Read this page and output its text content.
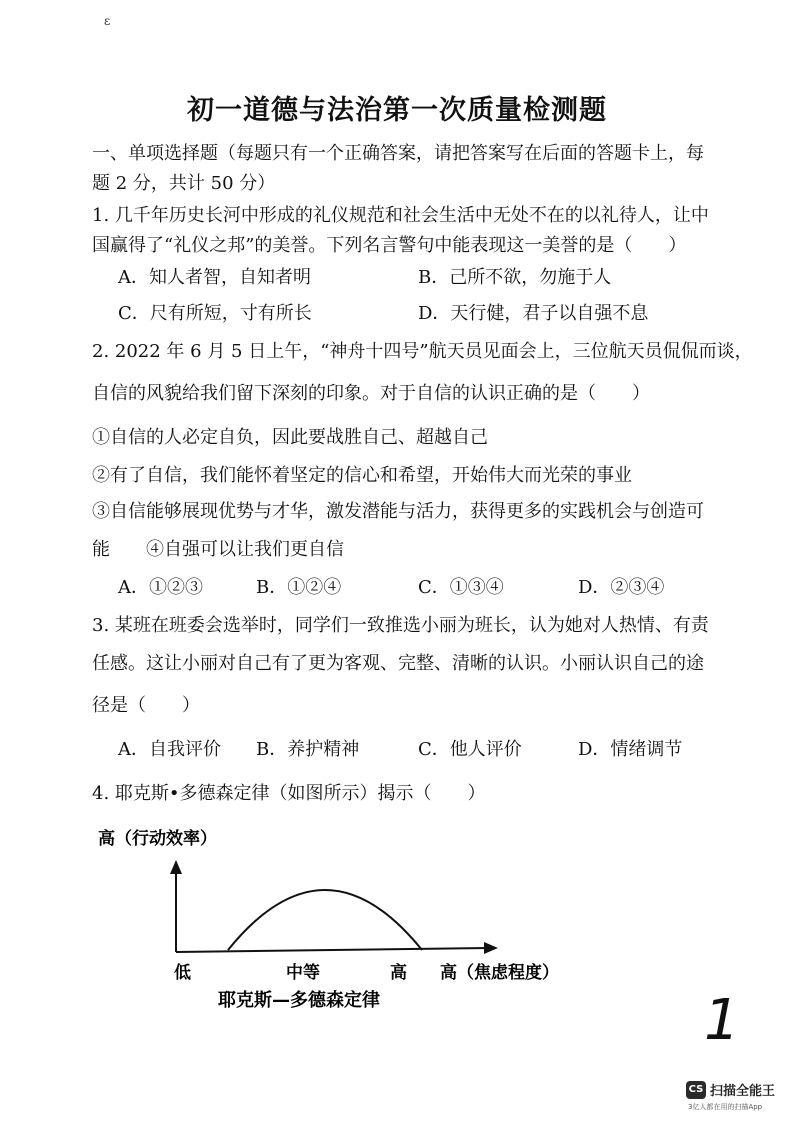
ε
初一道德与法治第一次质量检测题
一、单项选择题（每题只有一个正确答案，请把答案写在后面的答题卡上，每
题 2 分，共计 50 分）
1. 几千年历史长河中形成的礼仪规范和社会生活中无处不在的以礼待人，让中
国赢得了“礼仪之邦”的美誉。下列名言警句中能表现这一美誉的是（　　）
A．知人者智，自知者明	B．己所不欲，勿施于人
C．尺有所短，寸有所长	D．天行健，君子以自强不息
2. 2022 年 6 月 5 日上午，“神舟十四号”航天员见面会上，三位航天员侃侃而谈，
自信的风貌给我们留下深刻的印象。对于自信的认识正确的是（　　）
①自信的人必定自负，因此要战胜自己、超越自己
②有了自信，我们能怀着坚定的信心和希望，开始伟大而光荣的事业
③自信能够展现优势与才华，激发潜能与活力，获得更多的实践机会与创造可
能　　④自强可以让我们更自信
A．①②③	B．①②④	C．①③④	D．②③④
3. 某班在班委会选举时，同学们一致推选小丽为班长，认为她对人热情、有责
任感。这让小丽对自己有了更为客观、完整、清晰的认识。小丽认识自己的途
径是（　　）
A．自我评价 B．养护精神	C．他人评价	D．情绪调节
4. 耶克斯•多德森定律（如图所示）揭示（　　）
高（行动效率）
低	中等	高 高（焦虑程度）
耶克斯—多德森定律	1
CS 扫描全能王
3亿人都在用的扫描App
